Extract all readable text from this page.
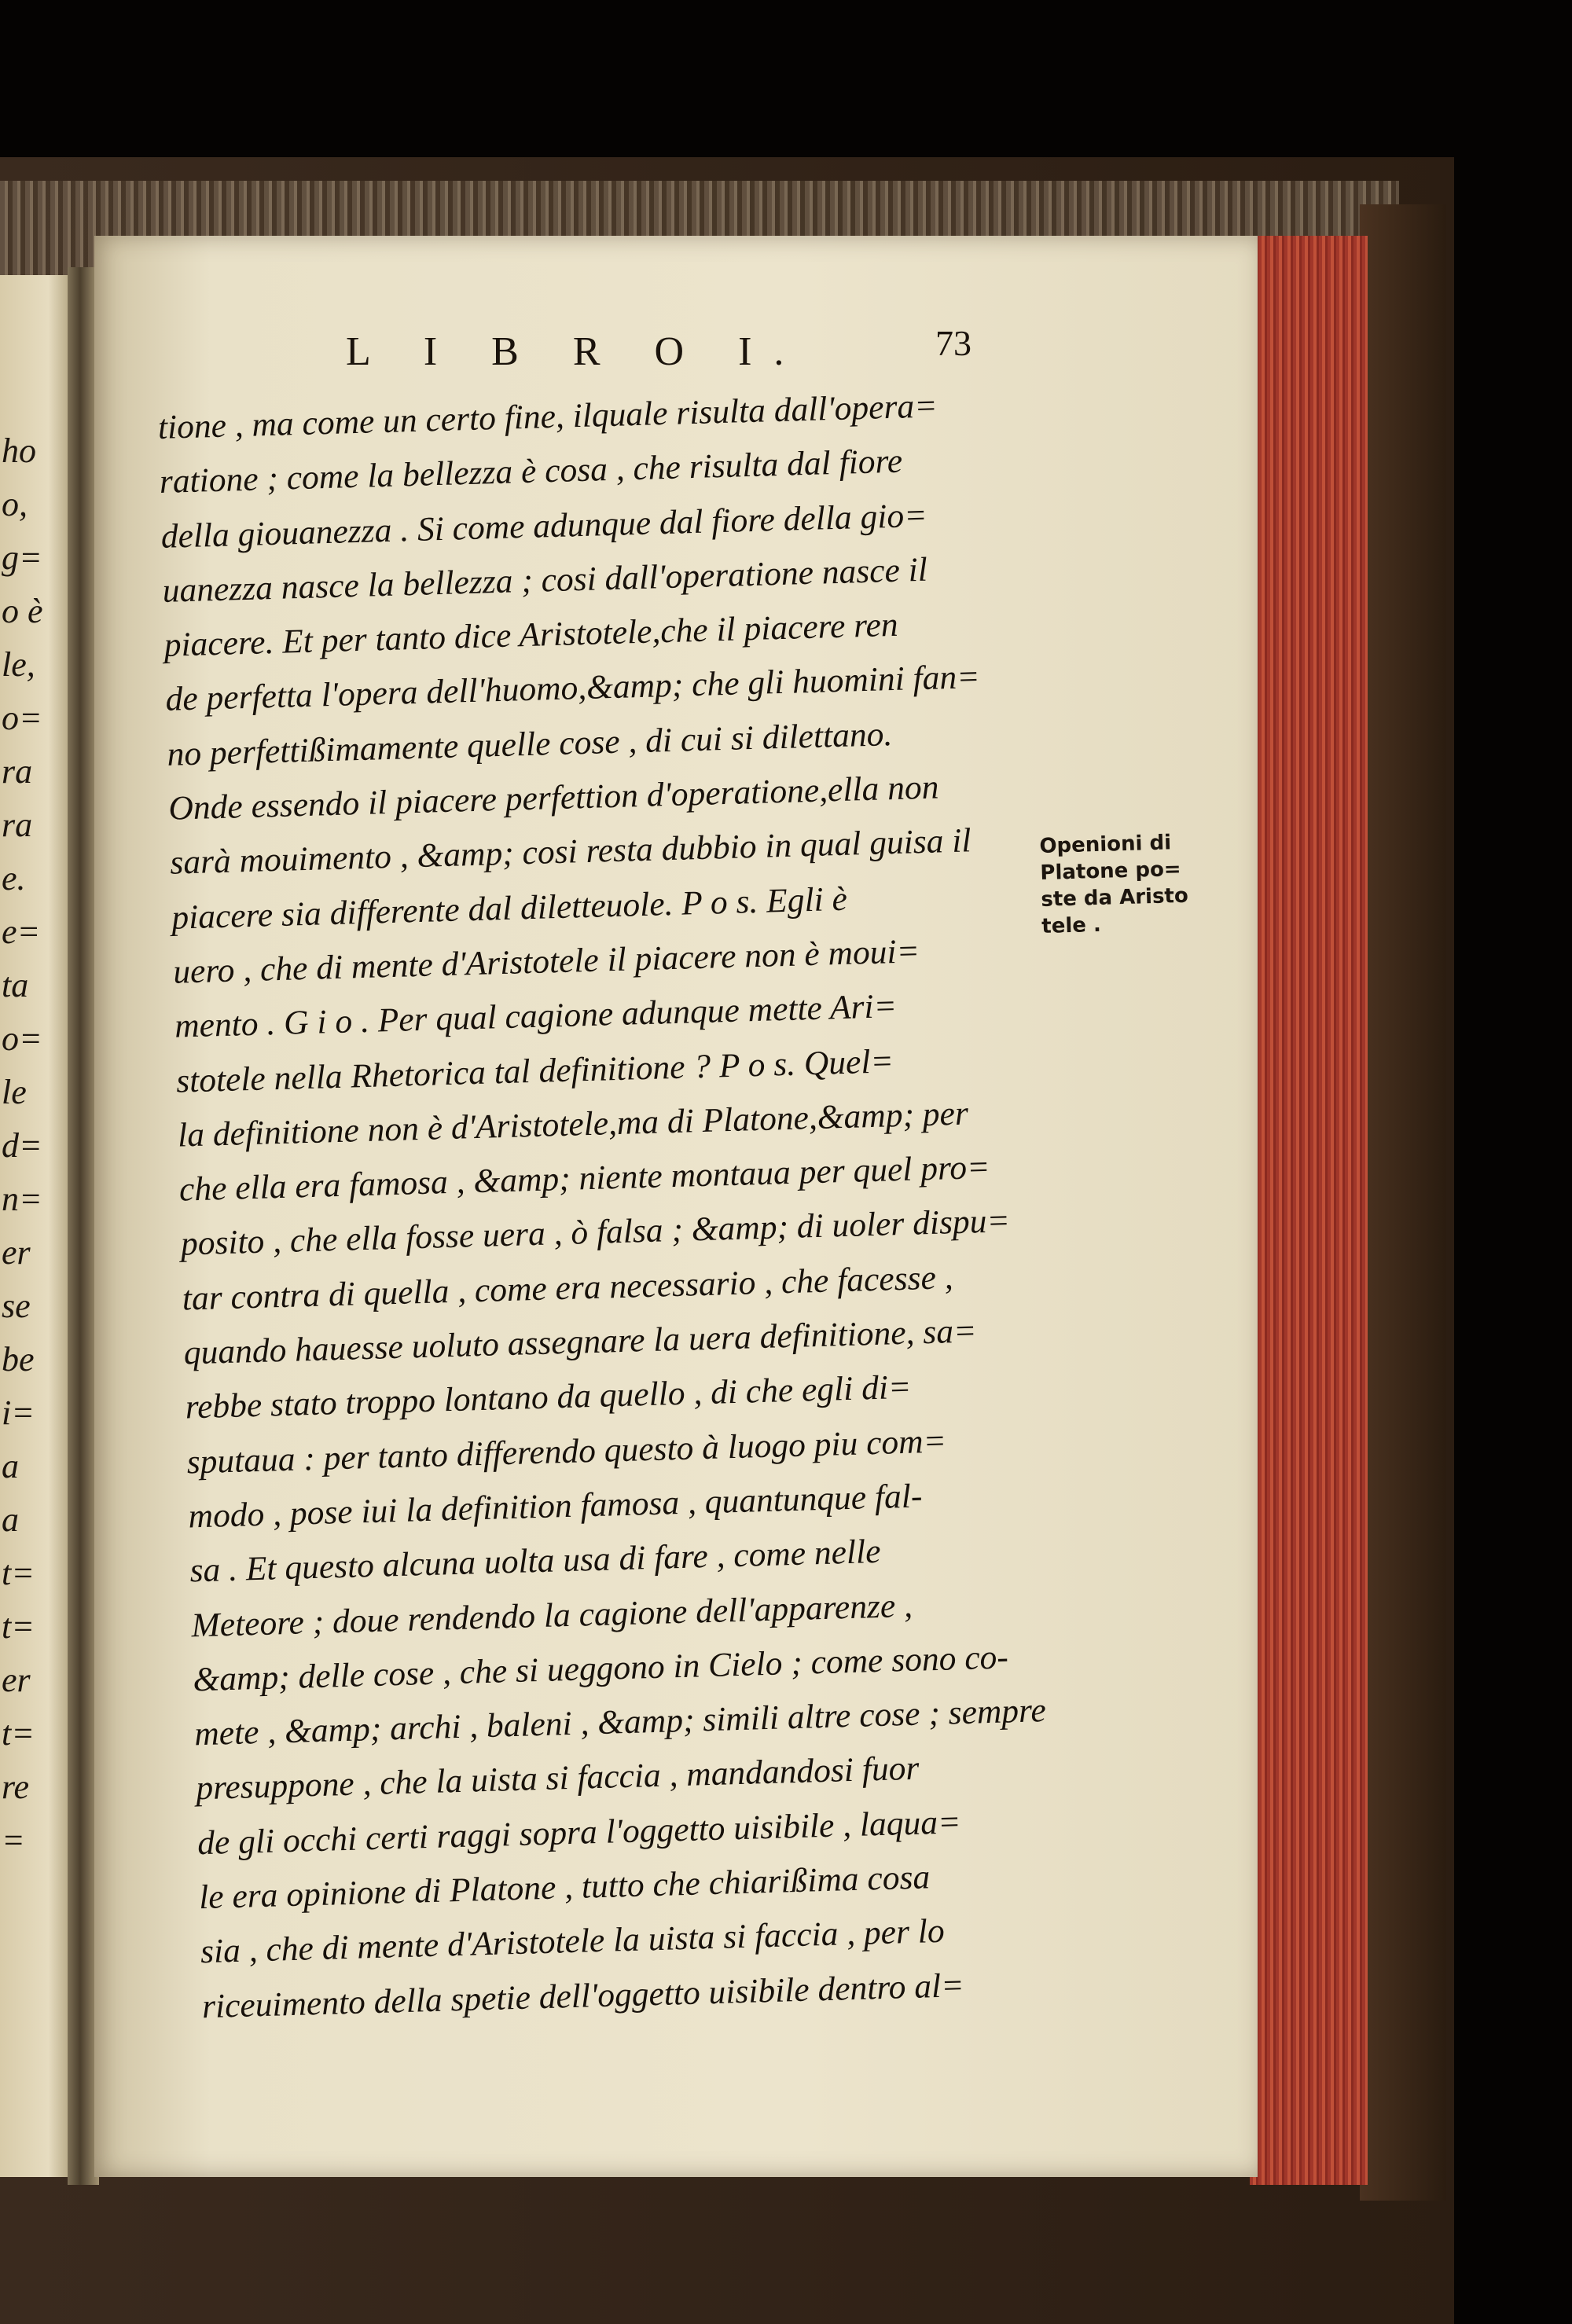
ho
o,
g=
o è
le,
o=
ra
ra
e.
e=
ta
o=
le
d=
n=
er
se
be
i=
a
a
t=
t=
er
t=
re
=
L I B R O I.	73
tione , ma come un certo fine, ilquale risulta dall'opera=
ratione ; come la bellezza è cosa , che risulta dal fiore
della giouanezza . Si come adunque dal fiore della gio=
uanezza nasce la bellezza ; cosi dall'operatione nasce il
piacere. Et per tanto dice Aristotele,che il piacere ren
de perfetta l'opera dell'huomo,&amp; che gli huomini fan=
no perfettißimamente quelle cose , di cui si dilettano.
Onde essendo il piacere perfettion d'operatione,ella non
sarà mouimento , &amp; cosi resta dubbio in qual guisa il
piacere sia differente dal diletteuole. P o s. Egli è
uero , che di mente d'Aristotele il piacere non è moui=
mento . G i o . Per qual cagione adunque mette Ari=
stotele nella Rhetorica tal definitione ? P o s. Quel=
la definitione non è d'Aristotele,ma di Platone,&amp; per
che ella era famosa , &amp; niente montaua per quel pro=
posito , che ella fosse uera , ò falsa ; &amp; di uoler dispu=
tar contra di quella , come era necessario , che facesse ,
quando hauesse uoluto assegnare la uera definitione, sa=
rebbe stato troppo lontano da quello , di che egli di=
sputaua : per tanto differendo questo à luogo piu com=
modo , pose iui la definition famosa , quantunque fal-
sa . Et questo alcuna uolta usa di fare , come nelle
Meteore ; doue rendendo la cagione dell'apparenze ,
&amp; delle cose , che si ueggono in Cielo ; come sono co-
mete , &amp; archi , baleni , &amp; simili altre cose ; sempre
presuppone , che la uista si faccia , mandandosi fuor
de gli occhi certi raggi sopra l'oggetto uisibile , laqua=
le era opinione di Platone , tutto che chiarißima cosa
sia , che di mente d'Aristotele la uista si faccia , per lo
riceuimento della spetie dell'oggetto uisibile dentro al=
Openioni di
Platone po=
ste da Aristo
tele .
